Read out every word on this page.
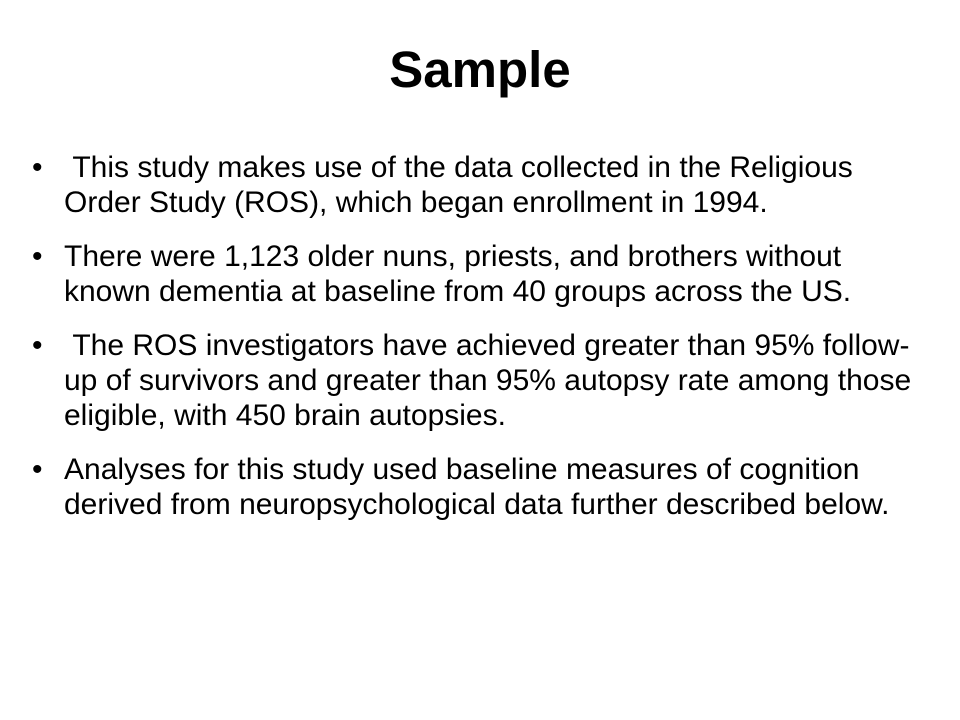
Sample
• This study makes use of the data collected in the Religious Order Study (ROS), which began enrollment in 1994.
• There were 1,123 older nuns, priests, and brothers without known dementia at baseline from 40 groups across the US.
• The ROS investigators have achieved greater than 95% follow-up of survivors and greater than 95% autopsy rate among those eligible, with 450 brain autopsies.
• Analyses for this study used baseline measures of cognition derived from neuropsychological data further described below.
